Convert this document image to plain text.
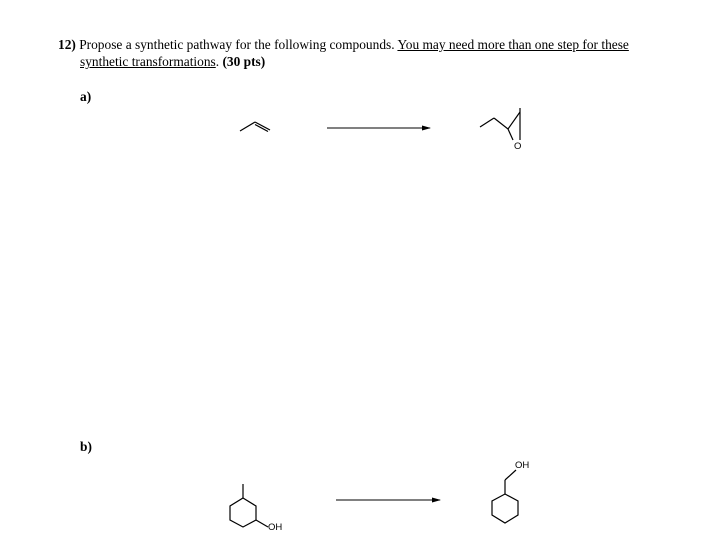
12) Propose a synthetic pathway for the following compounds. You may need more than one step for these
synthetic transformations. (30 pts)
a)
b)
O
OH
OH
